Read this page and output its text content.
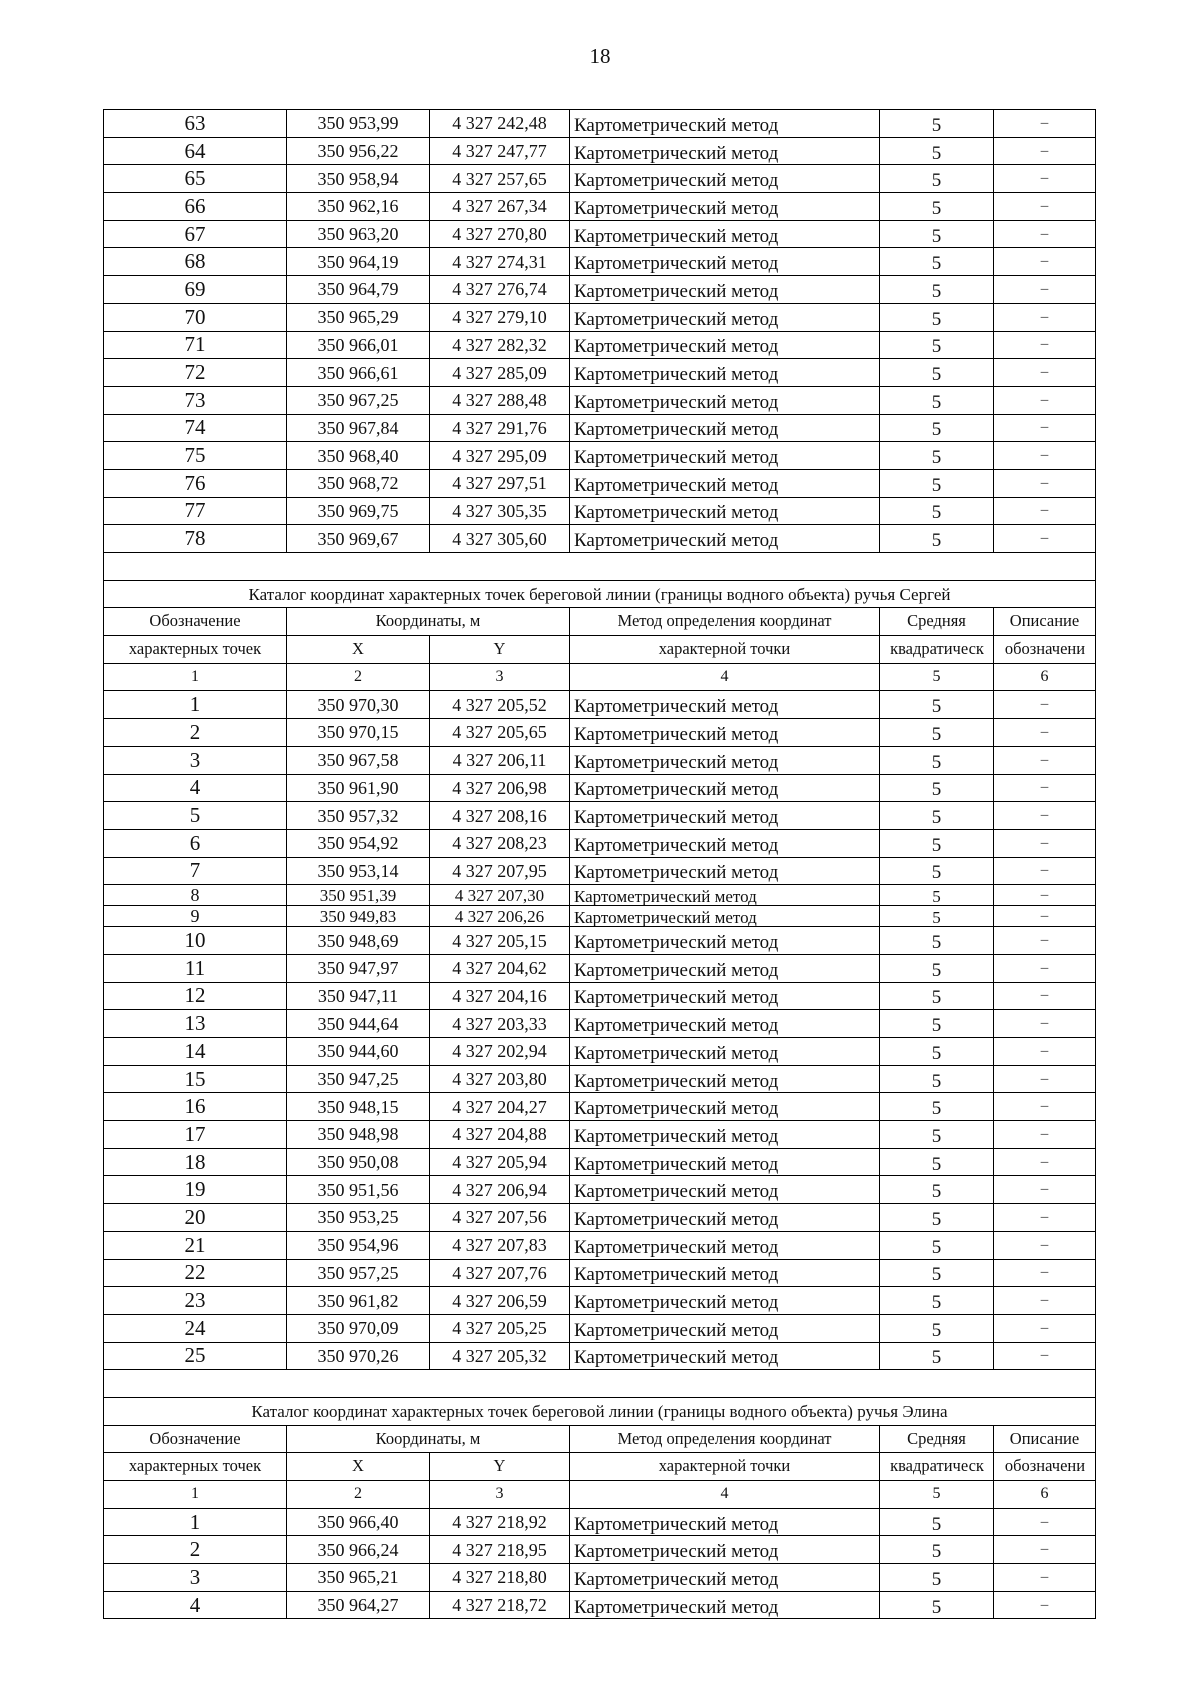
18
63	350 953,99	4 327 242,48	Картометрический метод	5	–
64	350 956,22	4 327 247,77	Картометрический метод	5	–
65	350 958,94	4 327 257,65	Картометрический метод	5	–
66	350 962,16	4 327 267,34	Картометрический метод	5	–
67	350 963,20	4 327 270,80	Картометрический метод	5	–
68	350 964,19	4 327 274,31	Картометрический метод	5	–
69	350 964,79	4 327 276,74	Картометрический метод	5	–
70	350 965,29	4 327 279,10	Картометрический метод	5	–
71	350 966,01	4 327 282,32	Картометрический метод	5	–
72	350 966,61	4 327 285,09	Картометрический метод	5	–
73	350 967,25	4 327 288,48	Картометрический метод	5	–
74	350 967,84	4 327 291,76	Картометрический метод	5	–
75	350 968,40	4 327 295,09	Картометрический метод	5	–
76	350 968,72	4 327 297,51	Картометрический метод	5	–
77	350 969,75	4 327 305,35	Картометрический метод	5	–
78	350 969,67	4 327 305,60	Картометрический метод	5	–

Каталог координат характерных точек береговой линии (границы водного объекта) ручья Сергей					
Обозначение	Координаты, м		Метод определения координат	Средняя	Описание
характерных точек	X	Y	характерной точки	квадратическ	обозначени
1	2	3	4	5	6
1	350 970,30	4 327 205,52	Картометрический метод	5	–
2	350 970,15	4 327 205,65	Картометрический метод	5	–
3	350 967,58	4 327 206,11	Картометрический метод	5	–
4	350 961,90	4 327 206,98	Картометрический метод	5	–
5	350 957,32	4 327 208,16	Картометрический метод	5	–
6	350 954,92	4 327 208,23	Картометрический метод	5	–
7	350 953,14	4 327 207,95	Картометрический метод	5	–
8	350 951,39	4 327 207,30	Картометрический метод	5	–
9	350 949,83	4 327 206,26	Картометрический метод	5	–
10	350 948,69	4 327 205,15	Картометрический метод	5	–
11	350 947,97	4 327 204,62	Картометрический метод	5	–
12	350 947,11	4 327 204,16	Картометрический метод	5	–
13	350 944,64	4 327 203,33	Картометрический метод	5	–
14	350 944,60	4 327 202,94	Картометрический метод	5	–
15	350 947,25	4 327 203,80	Картометрический метод	5	–
16	350 948,15	4 327 204,27	Картометрический метод	5	–
17	350 948,98	4 327 204,88	Картометрический метод	5	–
18	350 950,08	4 327 205,94	Картометрический метод	5	–
19	350 951,56	4 327 206,94	Картометрический метод	5	–
20	350 953,25	4 327 207,56	Картометрический метод	5	–
21	350 954,96	4 327 207,83	Картометрический метод	5	–
22	350 957,25	4 327 207,76	Картометрический метод	5	–
23	350 961,82	4 327 206,59	Картометрический метод	5	–
24	350 970,09	4 327 205,25	Картометрический метод	5	–
25	350 970,26	4 327 205,32	Картометрический метод	5	–

Каталог координат характерных точек береговой линии (границы водного объекта) ручья Элина					
Обозначение	Координаты, м		Метод определения координат	Средняя	Описание
характерных точек	X	Y	характерной точки	квадратическ	обозначени
1	2	3	4	5	6
1	350 966,40	4 327 218,92	Картометрический метод	5	–
2	350 966,24	4 327 218,95	Картометрический метод	5	–
3	350 965,21	4 327 218,80	Картометрический метод	5	–
4	350 964,27	4 327 218,72	Картометрический метод	5	–
